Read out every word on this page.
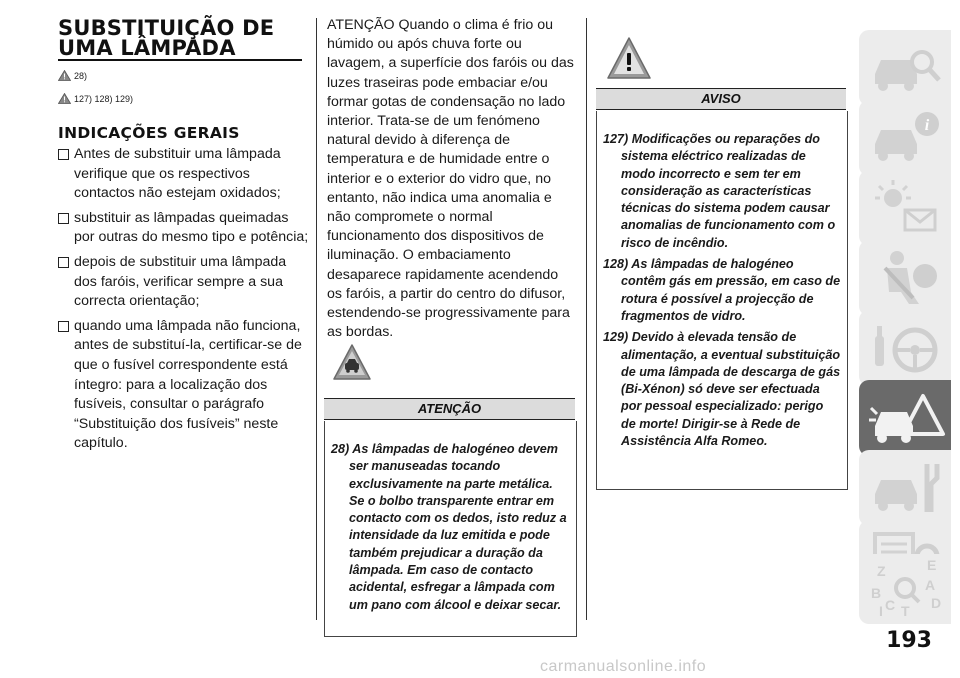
SUBSTITUIÇÃO DE UMA LÂMPADA
28)
127) 128) 129)
INDICAÇÕES GERAIS
Antes de substituir uma lâmpada verifique que os respectivos contactos não estejam oxidados;
substituir as lâmpadas queimadas por outras do mesmo tipo e potência;
depois de substituir uma lâmpada dos faróis, verificar sempre a sua correcta orientação;
quando uma lâmpada não funciona, antes de substituí-la, certificar-se de que o fusível correspondente está íntegro: para a localização dos fusíveis, consultar o parágrafo “Substituição dos fusíveis” neste capítulo.
ATENÇÃO Quando o clima é frio ou húmido ou após chuva forte ou lavagem, a superfície dos faróis ou das luzes traseiras pode embaciar e/ou formar gotas de condensação no lado interior. Trata-se de um fenómeno natural devido à diferença de temperatura e de humidade entre o interior e o exterior do vidro que, no entanto, não indica uma anomalia e não compromete o normal funcionamento dos dispositivos de iluminação. O embaciamento desaparece rapidamente acendendo os faróis, a partir do centro do difusor, estendendo-se progressivamente para as bordas.
ATENÇÃO
28) As lâmpadas de halogéneo devem ser manuseadas tocando exclusivamente na parte metálica. Se o bolbo transparente entrar em contacto com os dedos, isto reduz a intensidade da luz emitida e pode também prejudicar a duração da lâmpada. Em caso de contacto acidental, esfregar a lâmpada com um pano com álcool e deixar secar.
AVISO
127) Modificações ou reparações do sistema eléctrico realizadas de modo incorrecto e sem ter em consideração as características técnicas do sistema podem causar anomalias de funcionamento com o risco de incêndio.
128) As lâmpadas de halogéneo contêm gás em pressão, em caso de rotura é possível a projecção de fragmentos de vidro.
129) Devido à elevada tensão de alimentação, a eventual substituição de uma lâmpada de descarga de gás (Bi-Xénon) só deve ser efectuada por pessoal especializado: perigo de morte! Dirigir-se à Rede de Assistência Alfa Romeo.
i
Z	E
A
B
C T D
I
193
carmanualsonline.info
